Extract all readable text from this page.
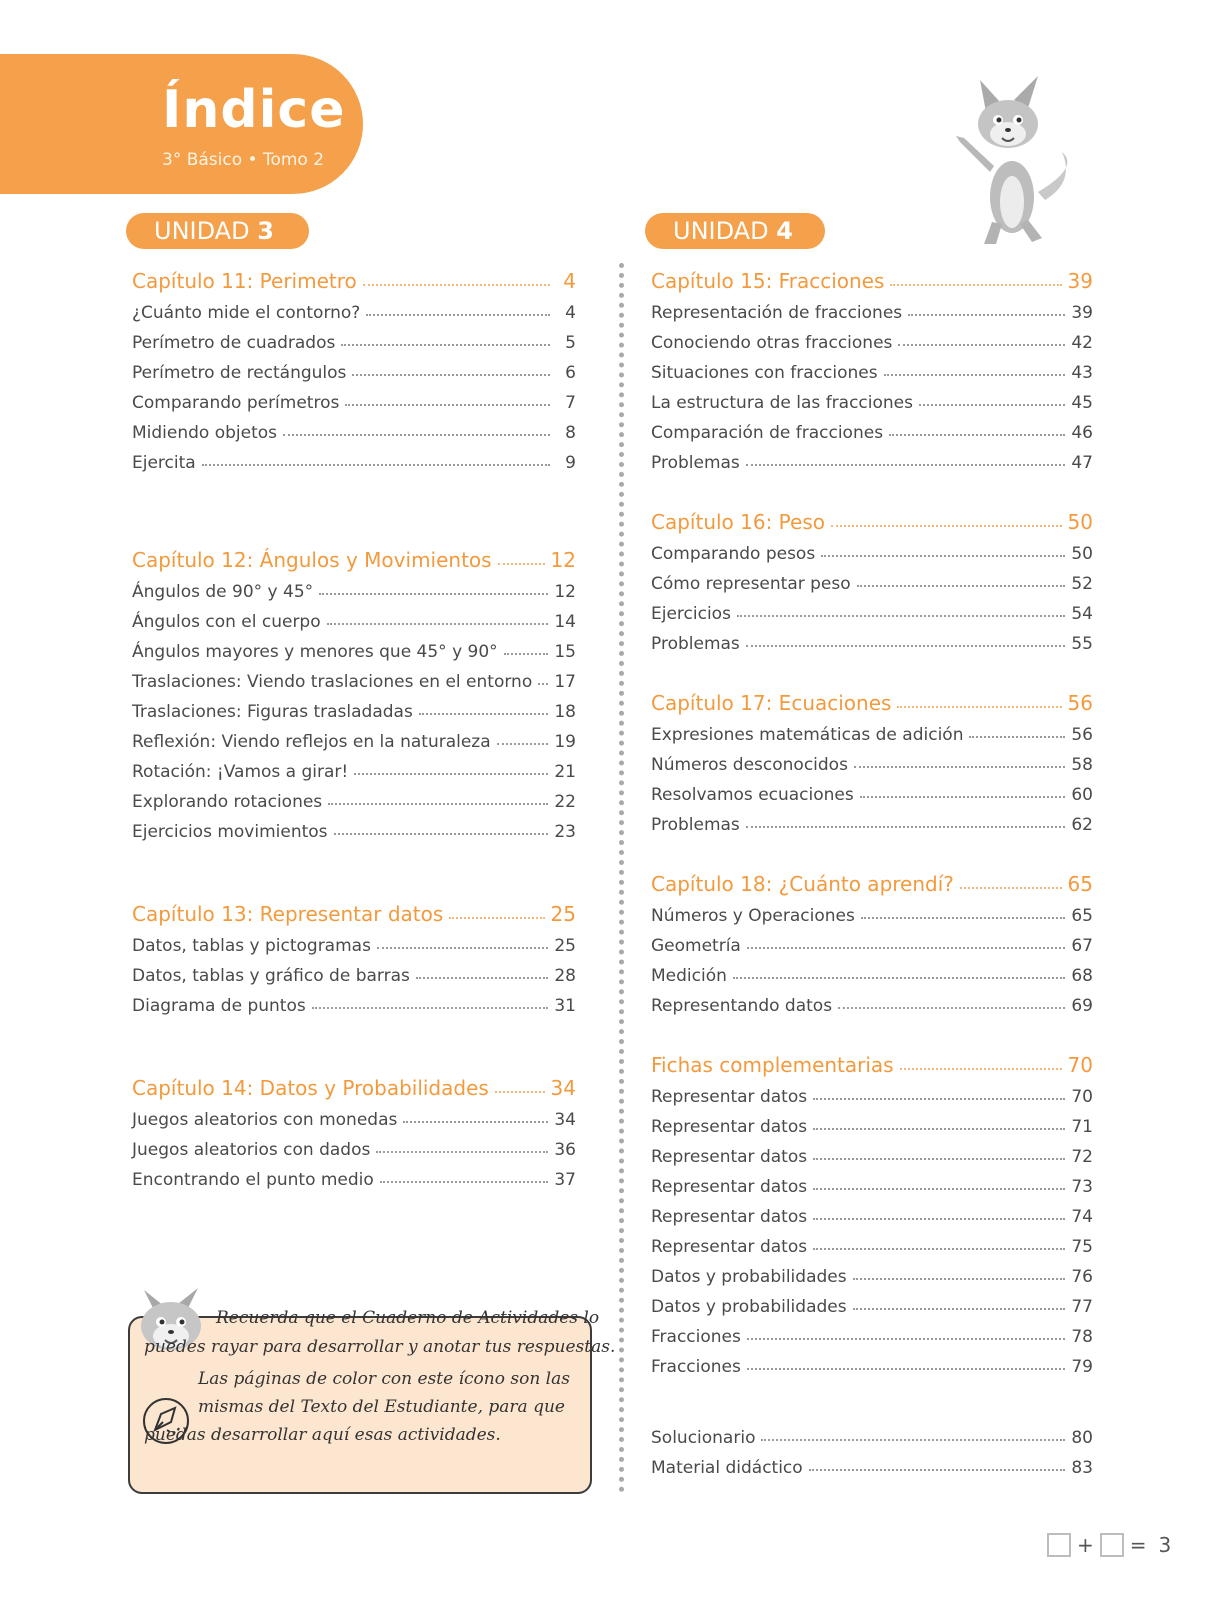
Índice
3° Básico • Tomo 2
UNIDAD 3	UNIDAD 4
Capítulo 11: Perimetro	4
¿Cuánto mide el contorno?	4
Perímetro de cuadrados	5
Perímetro de rectángulos	6
Comparando perímetros	7
Midiendo objetos	8
Ejercita	9
Capítulo 12: Ángulos y Movimientos	12
Ángulos de 90° y 45°	12
Ángulos con el cuerpo	14
Ángulos mayores y menores que 45° y 90°	15
Traslaciones: Viendo traslaciones en el entorno 17
Traslaciones: Figuras trasladadas	18
Reflexión: Viendo reflejos en la naturaleza	19
Rotación: ¡Vamos a girar!	21
Explorando rotaciones	22
Ejercicios movimientos	23
Capítulo 13: Representar datos	25
Datos, tablas y pictogramas	25
Datos, tablas y gráfico de barras	28
Diagrama de puntos	31
Capítulo 14: Datos y Probabilidades	34
Juegos aleatorios con monedas	34
Juegos aleatorios con dados	36
Encontrando el punto medio	37
Capítulo 15: Fracciones	39
Representación de fracciones	39
Conociendo otras fracciones	42
Situaciones con fracciones	43
La estructura de las fracciones	45
Comparación de fracciones	46
Problemas	47
Capítulo 16: Peso	50
Comparando pesos	50
Cómo representar peso	52
Ejercicios	54
Problemas	55
Capítulo 17: Ecuaciones	56
Expresiones matemáticas de adición	56
Números desconocidos	58
Resolvamos ecuaciones	60
Problemas	62
Capítulo 18: ¿Cuánto aprendí?	65
Números y Operaciones	65
Geometría	67
Medición	68
Representando datos	69
Fichas complementarias	70
Representar datos	70
Representar datos	71
Representar datos	72
Representar datos	73
Representar datos	74
Representar datos	75
Datos y probabilidades	76
Datos y probabilidades	77
Fracciones	78
Fracciones	79
Solucionario	80
Material didáctico	83
Recuerda que el Cuaderno de Actividades lo
puedes rayar para desarrollar y anotar tus respuestas.
Las páginas de color con este ícono son las
mismas del Texto del Estudiante, para que
puedas desarrollar aquí esas actividades.
+ = 3
